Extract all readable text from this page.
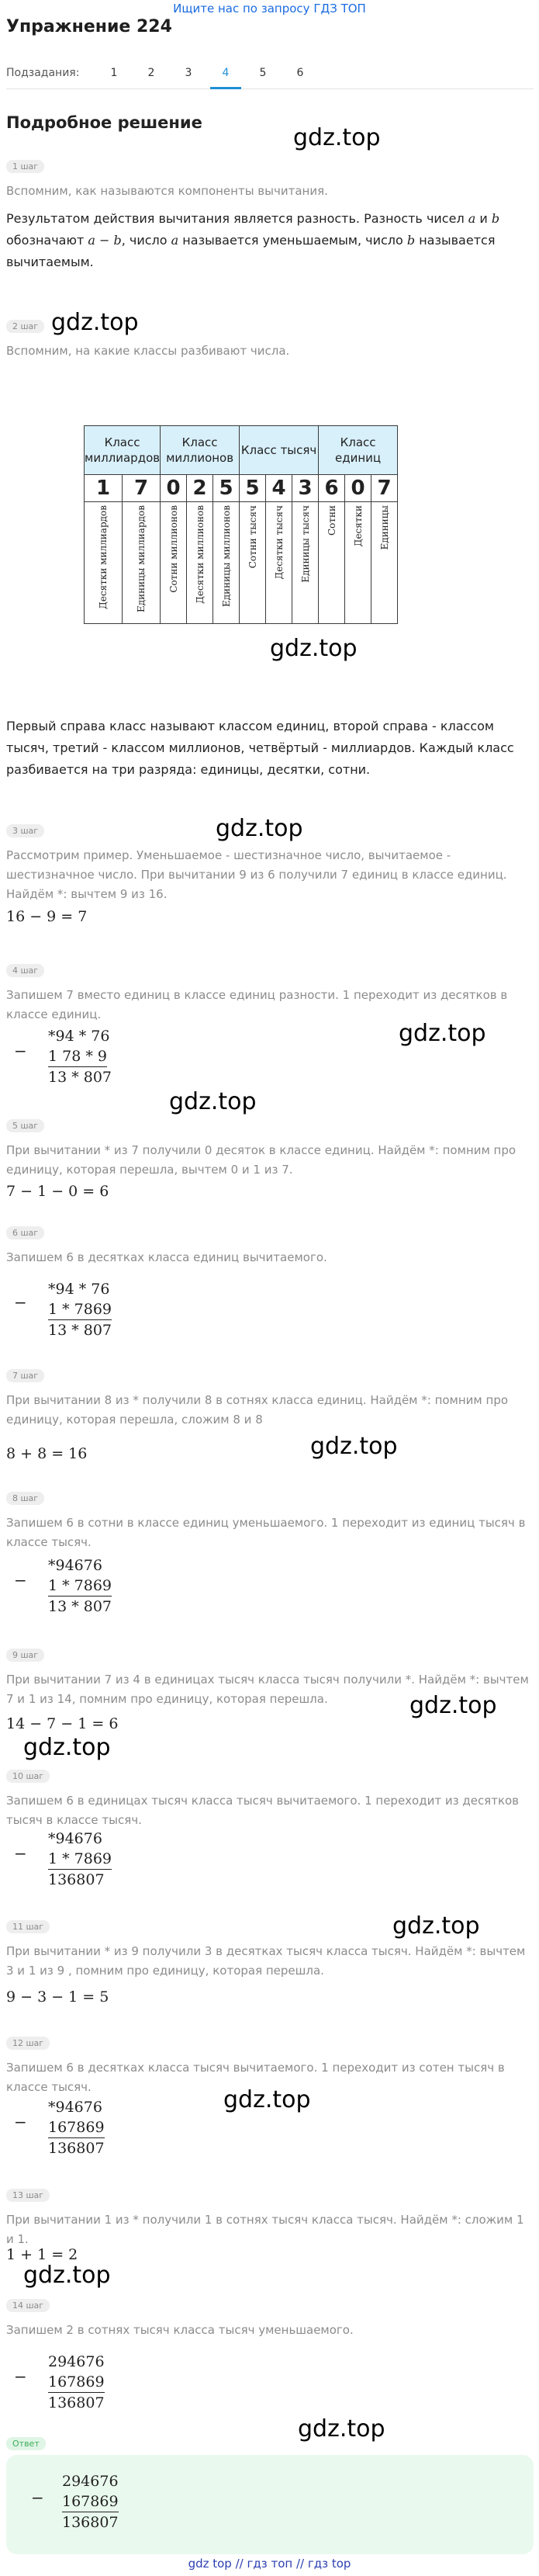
Ищите нас по запросу ГДЗ ТОП
Упражнение 224
Подзадания:	1	2	3	4	5	6
gdz.top
Подробное решение
1 шаг
Вспомним, как называются компоненты вычитания.
Результатом действия вычитания является разность. Разность чисел a и b
обозначают a − b, число a называется уменьшаемым, число b называется
вычитаемым.
gdz.top
2 шаг
Вспомним, на какие классы разбивают числа.
Класс миллиардов		Класс миллионов			Класс тысяч			Класс единиц		
1	7	0	2	5	5	4	3	6	0	7
Десятки миллиардов	Единицы миллиардов	Сотни миллионов	Десятки миллионов	Единицы миллионов	Сотни тысяч	Десятки тысяч	Единицы тысяч	Сотни	Десятки	Единицы
gdz.top
Первый справа класс называют классом единиц, второй справа - классом тысяч, третий - классом миллионов, четвёртый - миллиардов. Каждый класс разбивается на три разряда: единицы, десятки, сотни.
gdz.top
3 шаг
Рассмотрим пример. Уменьшаемое - шестизначное число, вычитаемое - шестизначное число. При вычитании 9 из 6 получили 7 единиц в классе единиц. Найдём *: вычтем 9 из 16.
16 − 9 = 7
4 шаг
Запишем 7 вместо единиц в классе единиц разности. 1 переходит из десятков в классе единиц.
gdz.top
−
*94 * 76
1 78 * 9
13 * 807
gdz.top
5 шаг
При вычитании * из 7 получили 0 десяток в классе единиц. Найдём *: помним про единицу, которая перешла, вычтем 0 и 1 из 7.
7 − 1 − 0 = 6
6 шаг
Запишем 6 в десятках класса единиц вычитаемого.
−
*94 * 76
1 * 7869
13 * 807
7 шаг
При вычитании 8 из * получили 8 в сотнях класса единиц. Найдём *: помним про единицу, которая перешла, сложим 8 и 8
gdz.top
8 + 8 = 16
8 шаг
Запишем 6 в сотни в классе единиц уменьшаемого. 1 переходит из единиц тысяч в классе тысяч.
−
*94676
1 * 7869
13 * 807
9 шаг
При вычитании 7 из 4 в единицах тысяч класса тысяч получили *. Найдём *: вычтем 7 и 1 из 14, помним про единицу, которая перешла.	gdz.top
14 − 7 − 1 = 6
gdz.top
10 шаг
Запишем 6 в единицах тысяч класса тысяч вычитаемого. 1 переходит из десятков тысяч в классе тысяч.
−
*94676
1 * 7869
136807
gdz.top
11 шаг
При вычитании * из 9 получили 3 в десятках тысяч класса тысяч. Найдём *: вычтем 3 и 1 из 9 , помним про единицу, которая перешла.
9 − 3 − 1 = 5
12 шаг
Запишем 6 в десятках класса тысяч вычитаемого. 1 переходит из сотен тысяч в классе тысяч.	gdz.top
−
*94676
167869
136807
13 шаг
При вычитании 1 из * получили 1 в сотнях тысяч класса тысяч. Найдём *: сложим 1 и 1.
1 + 1 = 2
gdz.top
14 шаг
Запишем 2 в сотнях тысяч класса тысяч уменьшаемого.
−
294676
167869
136807
gdz.top
Ответ
−
294676
167869
136807
gdz top // гдз топ // гдз top
